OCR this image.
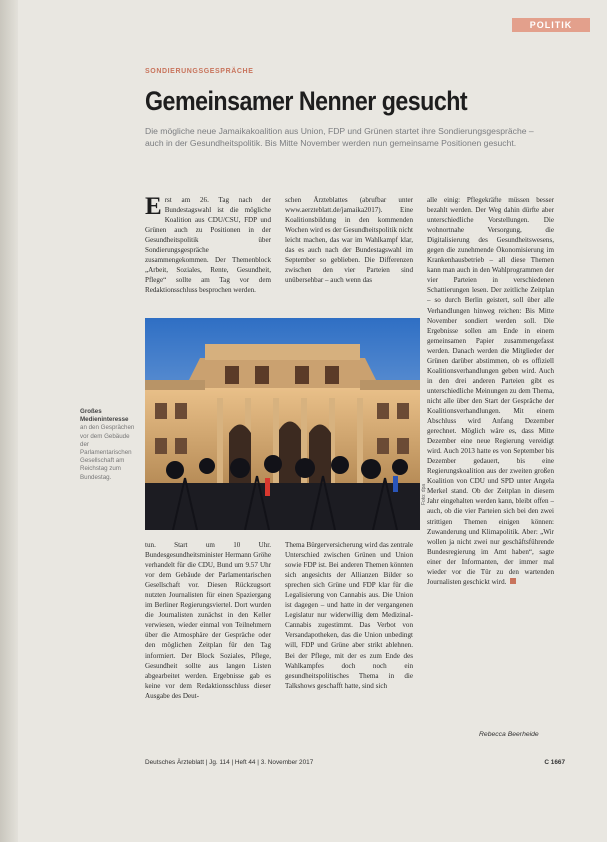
POLITIK
SONDIERUNGSGESPRÄCHE
Gemeinsamer Nenner gesucht
Die mögliche neue Jamaikakoalition aus Union, FDP und Grünen startet ihre Sondierungsgespräche – auch in der Gesundheitspolitik. Bis Mitte November werden nun gemeinsame Positionen gesucht.
Erst am 26. Tag nach der Bundestagswahl ist die mögliche Koalition aus CDU/CSU, FDP und Grünen auch zu Positionen in der Gesundheitspolitik über Sondierungsgespräche zusammengekommen. Der Themenblock „Arbeit, Soziales, Rente, Gesundheit, Pflege“ sollte am Tag vor dem Redaktionsschluss besprochen werden.
schen Ärzteblattes (abrufbar unter www.aerzteblatt.de/jamaika2017). Eine Koalitionsbildung in den kommenden Wochen wird es der Gesundheitspolitik nicht leicht machen, das war im Wahlkampf klar, das es auch nach der Bundestagswahl im September so geblieben. Die Differenzen zwischen den vier Parteien sind unübersehbar – auch wenn das
alle einig: Pflegekräfte müssen besser bezahlt werden. Der Weg dahin dürfte aber unterschiedliche Vorstellungen. Die wohnortnahe Versorgung, die Digitalisierung des Gesundheitswesens, gegen die zunehmende Ökonomisierung im Krankenhausbetrieb – all diese Themen kann man auch in den Wahlprogrammen der vier Parteien in verschiedenen Schattierungen lesen. Der zeitliche Zeitplan – so durch Berlin geistert, soll über alle Verhandlungen hinweg reichen: Bis Mitte November sondiert werden soll. Die Ergebnisse sollen am Ende in einem gemeinsamen Papier zusammengefasst werden. Danach werden die Mitglieder der Grünen darüber abstimmen, ob es offiziell Koalitionsverhandlungen geben wird. Auch in den drei anderen Parteien gibt es unterschiedliche Meinungen zu dem Thema, nicht alle über den Start der Gespräche der Koalitionsverhandlungen. Mit einem Abschluss wird Anfang Dezember gerechnet. Möglich wäre es, dass Mitte Dezember eine neue Regierung vereidigt wird. Auch 2013 hatte es von September bis Dezember gedauert, bis eine Regierungskoalition aus der zweiten großen Koalition von CDU und SPD unter Angela Merkel stand. Ob der Zeitplan in diesem Jahr eingehalten werden kann, bleibt offen – auch, ob die vier Parteien sich bei den zwei strittigen Themen einigen können: Zuwanderung und Klimapolitik. Aber: „Wir wollen ja nicht zwei nur geschäftsführende Bundesregierung im Amt haben“, sagte einer der Informanten, der immer mal wieder vor die Tür zu den wartenden Journalisten geschickt wird.
Foto: dpa
Großes Medieninteresse an den Gesprächen vor dem Gebäude der Parlamentarischen Gesellschaft am Reichstag zum Bundestag.
tun. Start um 10 Uhr. Bundesgesundheitsminister Hermann Gröhe verhandelt für die CDU, Bund um 9.57 Uhr vor dem Gebäude der Parlamentarischen Gesellschaft vor. Diesen Rückzugsort nutzten Journalisten für einen Spaziergang im Berliner Regierungsviertel. Dort wurden die Journalisten zunächst in den Keller verwiesen, wieder einmal von Teilnehmern über die Atmosphäre der Gespräche oder den möglichen Zeitplan für den Tag informiert. Der Block Soziales, Pflege, Gesundheit sollte aus langen Listen abgearbeitet werden. Ergebnisse gab es keine vor dem Redaktionsschluss dieser Ausgabe des Deut-
Thema Bürgerversicherung wird das zentrale Unterschied zwischen Grünen und Union sowie FDP ist. Bei anderen Themen könnten sich angesichts der Allianzen Bilder so sprechen sich Grüne und FDP klar für die Legalisierung von Cannabis aus. Die Union ist dagegen – und hatte in der vergangenen Legislatur nur widerwillig dem Medizinal-Cannabis zugestimmt. Das Verbot von Versandapotheken, das die Union unbedingt will, FDP und Grüne aber strikt ablehnen. Bei der Pflege, mit der es zum Ende des Wahlkampfes doch noch ein gesundheitspolitisches Thema in die Talkshows geschafft hatte, sind sich
Rebecca Beerheide
Deutsches Ärzteblatt | Jg. 114 | Heft 44 | 3. November 2017	C 1667
